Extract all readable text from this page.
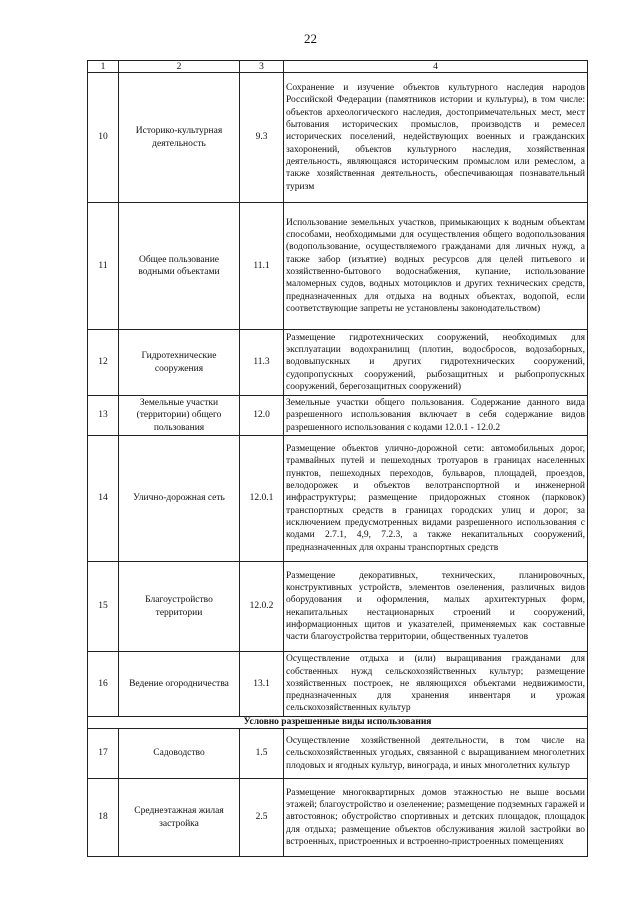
22
1	2	3	4
10	Историко-культурная деятельность	9.3	Сохранение и изучение объектов культурного наследия народов Российской Федерации (памятников истории и культуры), в том числе: объектов археологического наследия, достопримечательных мест, мест бытования исторических промыслов, производств и ремесел исторических поселений, недействующих военных и гражданских захоронений, объектов культурного наследия, хозяйственная деятельность, являющаяся историческим промыслом или ремеслом, а также хозяйственная деятельность, обеспечивающая познавательный туризм
11	Общее пользование водными объектами	11.1	Использование земельных участков, примыкающих к водным объектам способами, необходимыми для осуществления общего водопользования (водопользование, осуществляемого гражданами для личных нужд, а также забор (изъятие) водных ресурсов для целей питьевого и хозяйственно-бытового водоснабжения, купание, использование маломерных судов, водных мотоциклов и других технических средств, предназначенных для отдыха на водных объектах, водопой, если соответствующие запреты не установлены законодательством)
12	Гидротехнические сооружения	11.3	Размещение гидротехнических сооружений, необходимых для эксплуатации водохранилищ (плотин, водосбросов, водозаборных, водовыпускных и других гидротехнических сооружений, судопропускных сооружений, рыбозащитных и рыбопропускных сооружений, берегозащитных сооружений)
13	Земельные участки (территории) общего пользования	12.0	Земельные участки общего пользования. Содержание данного вида разрешенного использования включает в себя содержание видов разрешенного использования с кодами 12.0.1 - 12.0.2
14	Улично-дорожная сеть	12.0.1	Размещение объектов улично-дорожной сети: автомобильных дорог, трамвайных путей и пешеходных тротуаров в границах населенных пунктов, пешеходных переходов, бульваров, площадей, проездов, велодорожек и объектов велотранспортной и инженерной инфраструктуры; размещение придорожных стоянок (парковок) транспортных средств в границах городских улиц и дорог, за исключением предусмотренных видами разрешенного использования с кодами 2.7.1, 4,9, 7.2.3, а также некапитальных сооружений, предназначенных для охраны транспортных средств
15	Благоустройство территории	12.0.2	Размещение декоративных, технических, планировочных, конструктивных устройств, элементов озеленения, различных видов оборудования и оформления, малых архитектурных форм, некапитальных нестационарных строений и сооружений, информационных щитов и указателей, применяемых как составные части благоустройства территории, общественных туалетов
16	Ведение огородничества	13.1	Осуществление отдыха и (или) выращивания гражданами для собственных нужд сельскохозяйственных культур; размещение хозяйственных построек, не являющихся объектами недвижимости, предназначенных для хранения инвентаря и урожая сельскохозяйственных культур
Условно разрешенные виды использования			
17	Садоводство	1.5	Осуществление хозяйственной деятельности, в том числе на сельскохозяйственных угодьях, связанной с выращиванием многолетних плодовых и ягодных культур, винограда, и иных многолетних культур
18	Среднеэтажная жилая застройка	2.5	Размещение многоквартирных домов этажностью не выше восьми этажей; благоустройство и озеленение; размещение подземных гаражей и автостоянок; обустройство спортивных и детских площадок, площадок для отдыха; размещение объектов обслуживания жилой застройки во встроенных, пристроенных и встроенно-пристроенных помещениях
